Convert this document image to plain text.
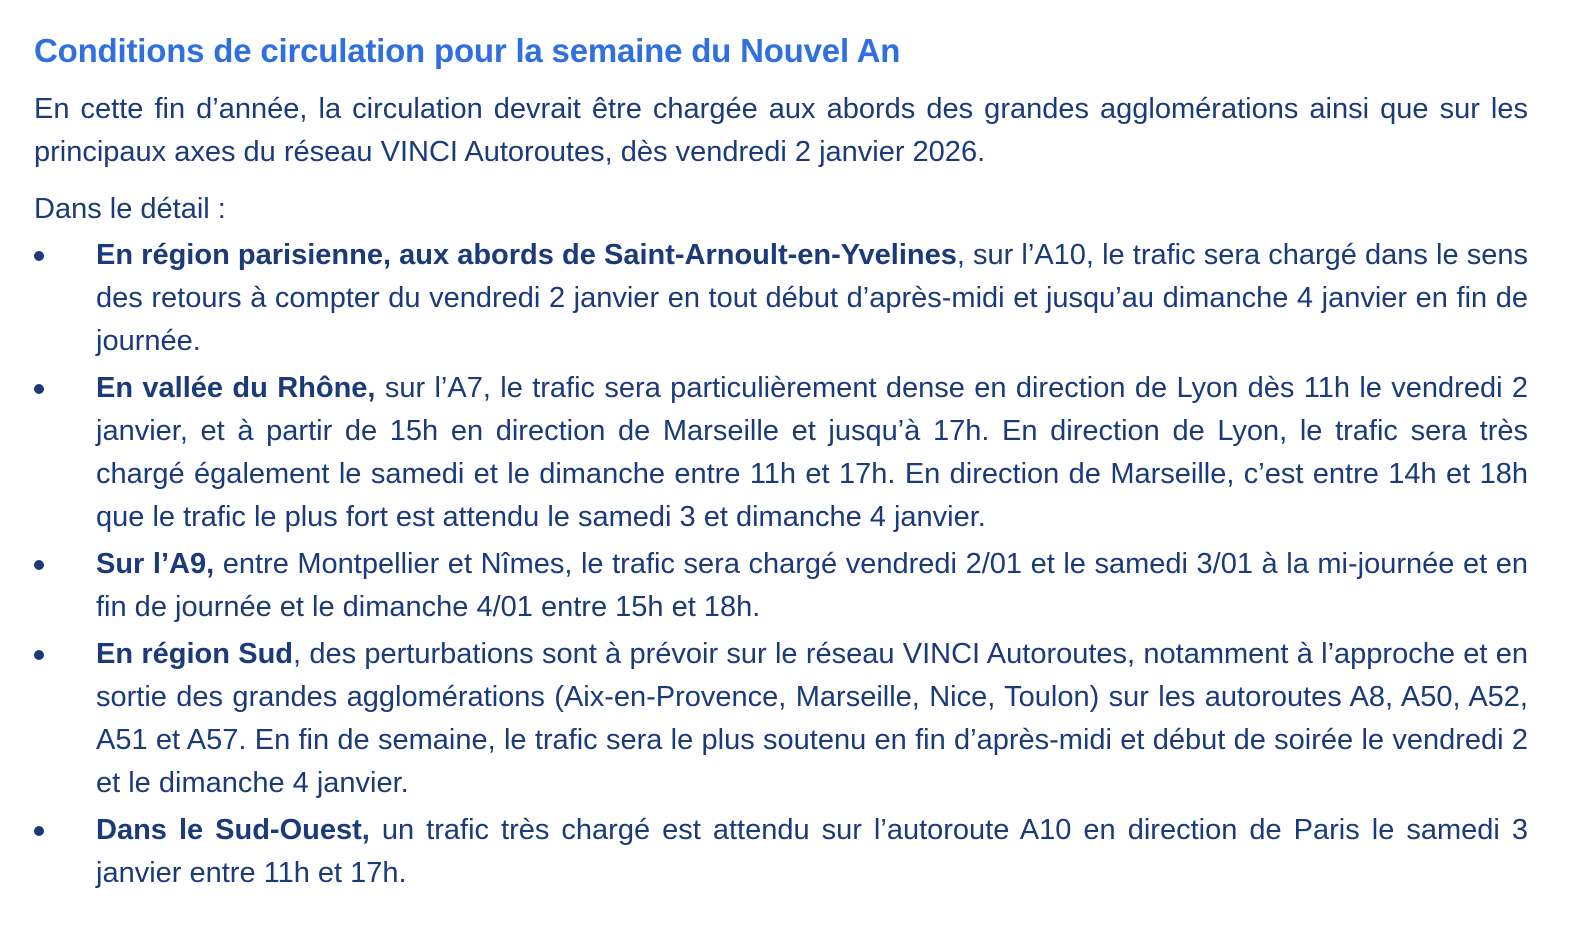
Conditions de circulation pour la semaine du Nouvel An

En cette fin d’année, la circulation devrait être chargée aux abords des grandes agglomérations ainsi que sur les principaux axes du réseau VINCI Autoroutes, dès vendredi 2 janvier 2026.

Dans le détail :

En région parisienne, aux abords de Saint-Arnoult-en-Yvelines, sur l’A10, le trafic sera chargé dans le sens des retours à compter du vendredi 2 janvier en tout début d’après-midi et jusqu’au dimanche 4 janvier en fin de journée.
En vallée du Rhône, sur l’A7, le trafic sera particulièrement dense en direction de Lyon dès 11h le vendredi 2 janvier, et à partir de 15h en direction de Marseille et jusqu’à 17h. En direction de Lyon, le trafic sera très chargé également le samedi et le dimanche entre 11h et 17h. En direction de Marseille, c’est entre 14h et 18h que le trafic le plus fort est attendu le samedi 3 et dimanche 4 janvier.
Sur l’A9, entre Montpellier et Nîmes, le trafic sera chargé vendredi 2/01 et le samedi 3/01 à la mi-journée et en fin de journée et le dimanche 4/01 entre 15h et 18h.
En région Sud, des perturbations sont à prévoir sur le réseau VINCI Autoroutes, notamment à l’approche et en sortie des grandes agglomérations (Aix-en-Provence, Marseille, Nice, Toulon) sur les autoroutes A8, A50, A52, A51 et A57. En fin de semaine, le trafic sera le plus soutenu en fin d’après-midi et début de soirée le vendredi 2 et le dimanche 4 janvier.
Dans le Sud-Ouest, un trafic très chargé est attendu sur l’autoroute A10 en direction de Paris le samedi 3 janvier entre 11h et 17h.
